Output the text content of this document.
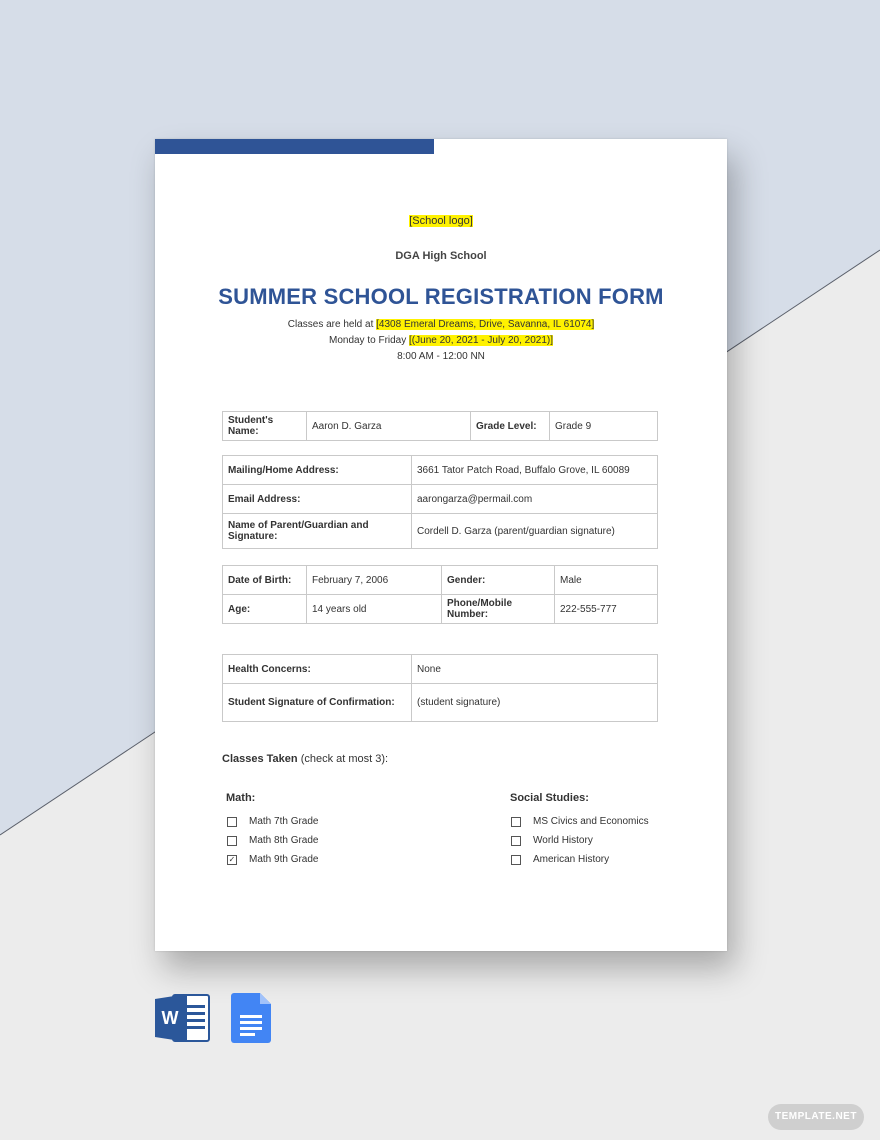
[School logo]
DGA High School
SUMMER SCHOOL REGISTRATION FORM
Classes are held at [4308 Emeral Dreams, Drive, Savanna, IL 61074]
Monday to Friday [(June 20, 2021 - July 20, 2021)]
8:00 AM - 12:00 NN
Student's Name:	Aaron D. Garza	Grade Level:	Grade 9
Mailing/Home Address:	3661 Tator Patch Road, Buffalo Grove, IL 60089
Email Address:	aarongarza@permail.com
Name of Parent/Guardian and Signature:	Cordell D. Garza (parent/guardian signature)
Date of Birth:	February 7, 2006	Gender:	Male
Age:	14 years old	Phone/Mobile Number:	222-555-777
Health Concerns:	None
Student Signature of Confirmation:	(student signature)
Classes Taken (check at most 3):
Math:
Math 7th Grade
Math 8th Grade
✓ Math 9th Grade
Social Studies:
MS Civics and Economics
World History
American History
W
TEMPLATE.NET
